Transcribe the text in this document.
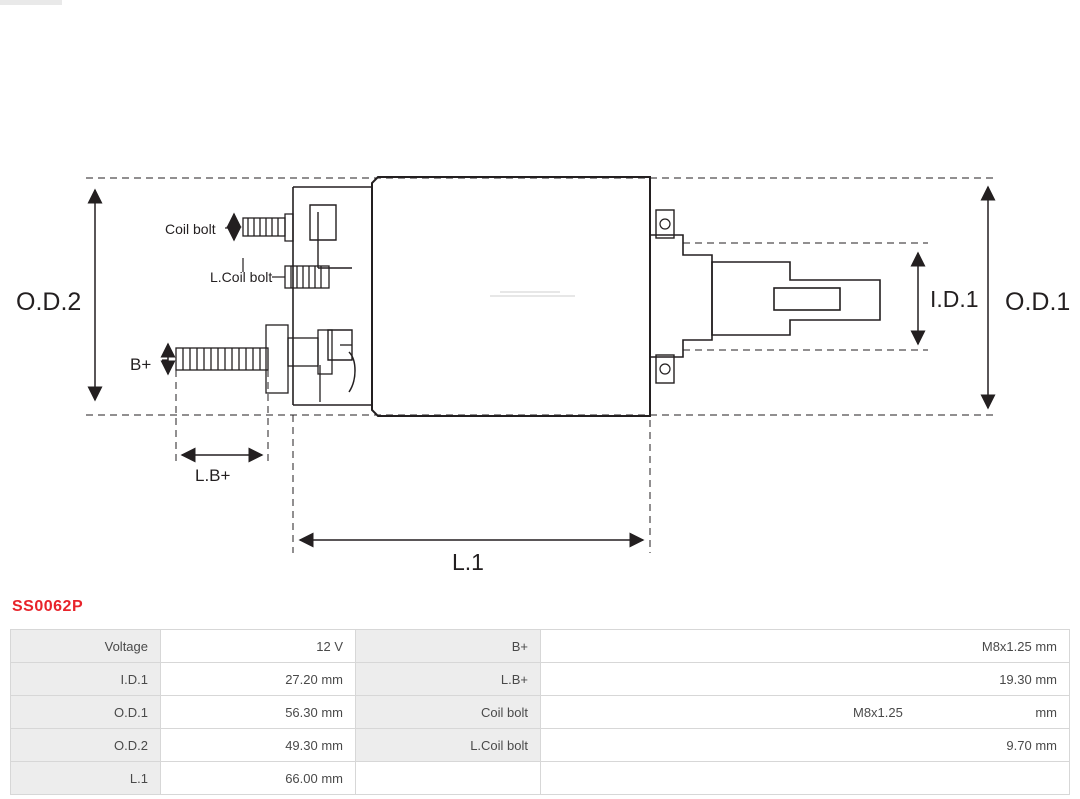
O.D.2	O.D.1
I.D.1
L.1
L.B+
B+
Coil bolt
L.Coil bolt
SS0062P
Voltage	12 V	B+	M8x1.25 mm
I.D.1	27.20 mm	L.B+	19.30 mm
O.D.1	56.30 mm	Coil bolt	M8x1.25 mm

O.D.2	49.30 mm	L.Coil bolt	9.70 mm
L.1	66.00 mm		
